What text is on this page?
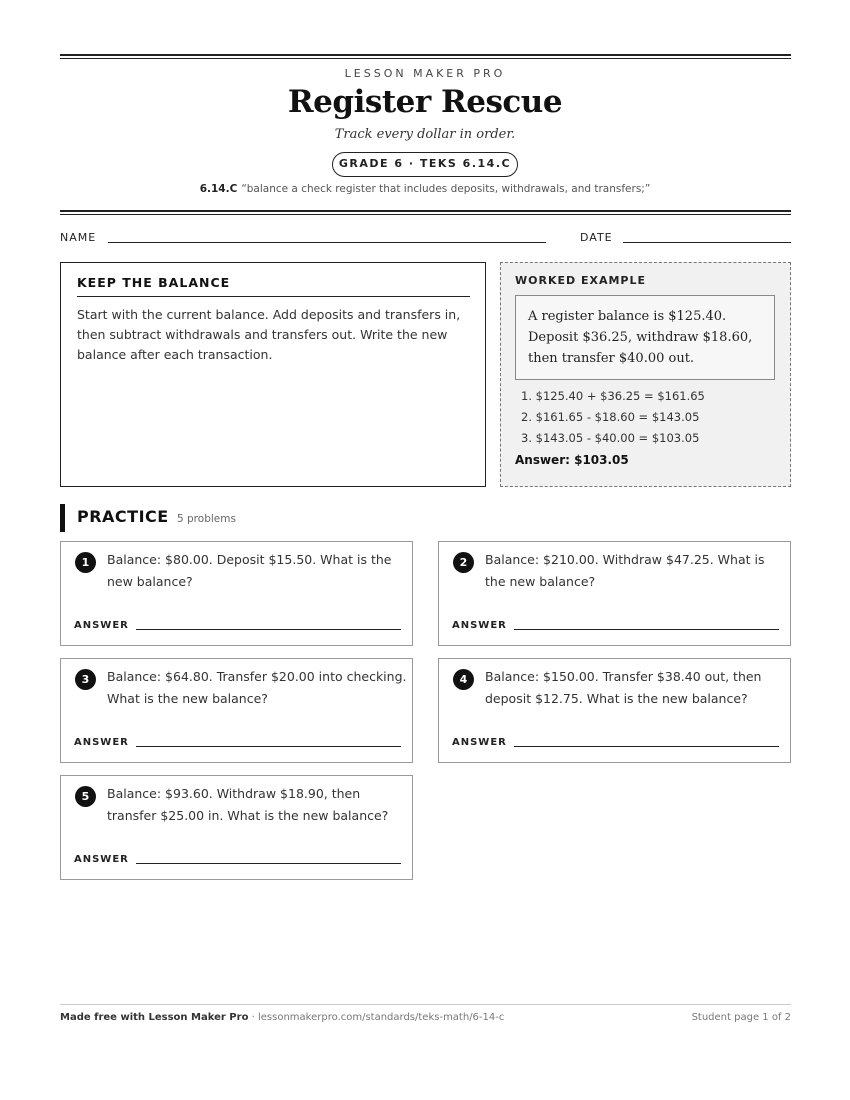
LESSON MAKER PRO
Register Rescue
Track every dollar in order.
GRADE 6 · TEKS 6.14.C
6.14.C “balance a check register that includes deposits, withdrawals, and transfers;”
NAME	DATE
KEEP THE BALANCE
Start with the current balance. Add deposits and transfers in, then subtract withdrawals and transfers out. Write the new balance after each transaction.
WORKED EXAMPLE
A register balance is $125.40. Deposit $36.25, withdraw $18.60, then transfer $40.00 out.
1. $125.40 + $36.25 = $161.65
2. $161.65 - $18.60 = $143.05
3. $143.05 - $40.00 = $103.05
Answer: $103.05
PRACTICE 5 problems
1	Balance: $80.00. Deposit $15.50. What is the new balance?
ANSWER
2	Balance: $210.00. Withdraw $47.25. What is the new balance?
ANSWER
3	Balance: $64.80. Transfer $20.00 into checking. What is the new balance?
ANSWER
4	Balance: $150.00. Transfer $38.40 out, then deposit $12.75. What is the new balance?
ANSWER
5	Balance: $93.60. Withdraw $18.90, then transfer $25.00 in. What is the new balance?
ANSWER
Made free with Lesson Maker Pro · lessonmakerpro.com/standards/teks-math/6-14-c	Student page 1 of 2
